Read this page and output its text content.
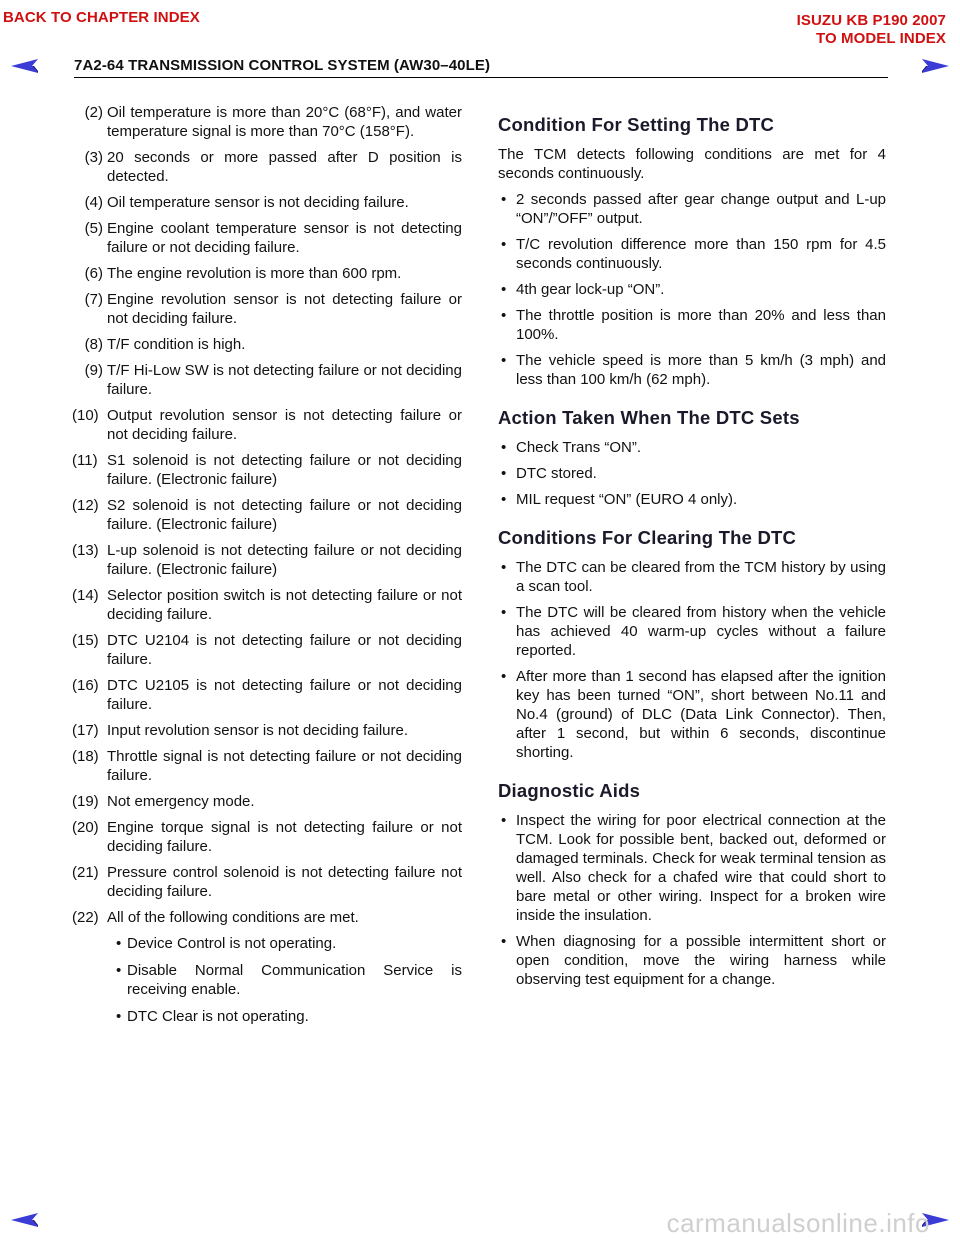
BACK TO CHAPTER INDEX	ISUZU KB P190 2007
TO MODEL INDEX
7A2-64 TRANSMISSION CONTROL SYSTEM (AW30–40LE)
(2) Oil temperature is more than 20°C (68°F), and water temperature signal is more than 70°C (158°F).
(3) 20 seconds or more passed after D position is detected.
(4) Oil temperature sensor is not deciding failure.
(5) Engine coolant temperature sensor is not detecting failure or not deciding failure.
(6) The engine revolution is more than 600 rpm.
(7) Engine revolution sensor is not detecting failure or not deciding failure.
(8) T/F condition is high.
(9) T/F Hi-Low SW is not detecting failure or not deciding failure.
(10) Output revolution sensor is not detecting failure or not deciding failure.
(11) S1 solenoid is not detecting failure or not deciding failure. (Electronic failure)
(12) S2 solenoid is not detecting failure or not deciding failure. (Electronic failure)
(13) L-up solenoid is not detecting failure or not deciding failure. (Electronic failure)
(14) Selector position switch is not detecting failure or not deciding failure.
(15) DTC U2104 is not detecting failure or not deciding failure.
(16) DTC U2105 is not detecting failure or not deciding failure.
(17) Input revolution sensor is not deciding failure.
(18) Throttle signal is not detecting failure or not deciding failure.
(19) Not emergency mode.
(20) Engine torque signal is not detecting failure or not deciding failure.
(21) Pressure control solenoid is not detecting failure not deciding failure.
(22) All of the following conditions are met.
• Device Control is not operating.
• Disable Normal Communication Service is receiving enable.
• DTC Clear is not operating.
Condition For Setting The DTC
The TCM detects following conditions are met for 4 seconds continuously.
• 2 seconds passed after gear change output and L-up “ON”/”OFF” output.
• T/C revolution difference more than 150 rpm for 4.5 seconds continuously.
• 4th gear lock-up “ON”.
• The throttle position is more than 20% and less than 100%.
• The vehicle speed is more than 5 km/h (3 mph) and less than 100 km/h (62 mph).
Action Taken When The DTC Sets
• Check Trans “ON”.
• DTC stored.
• MIL request “ON” (EURO 4 only).
Conditions For Clearing The DTC
• The DTC can be cleared from the TCM history by using a scan tool.
• The DTC will be cleared from history when the vehicle has achieved 40 warm-up cycles without a failure reported.
• After more than 1 second has elapsed after the ignition key has been turned “ON”, short between No.11 and No.4 (ground) of DLC (Data Link Connector). Then, after 1 second, but within 6 seconds, discontinue shorting.
Diagnostic Aids
• Inspect the wiring for poor electrical connection at the TCM. Look for possible bent, backed out, deformed or damaged terminals. Check for weak terminal tension as well. Also check for a chafed wire that could short to bare metal or other wiring. Inspect for a broken wire inside the insulation.
• When diagnosing for a possible intermittent short or open condition, move the wiring harness while observing test equipment for a change.
carmanualsonline.info
